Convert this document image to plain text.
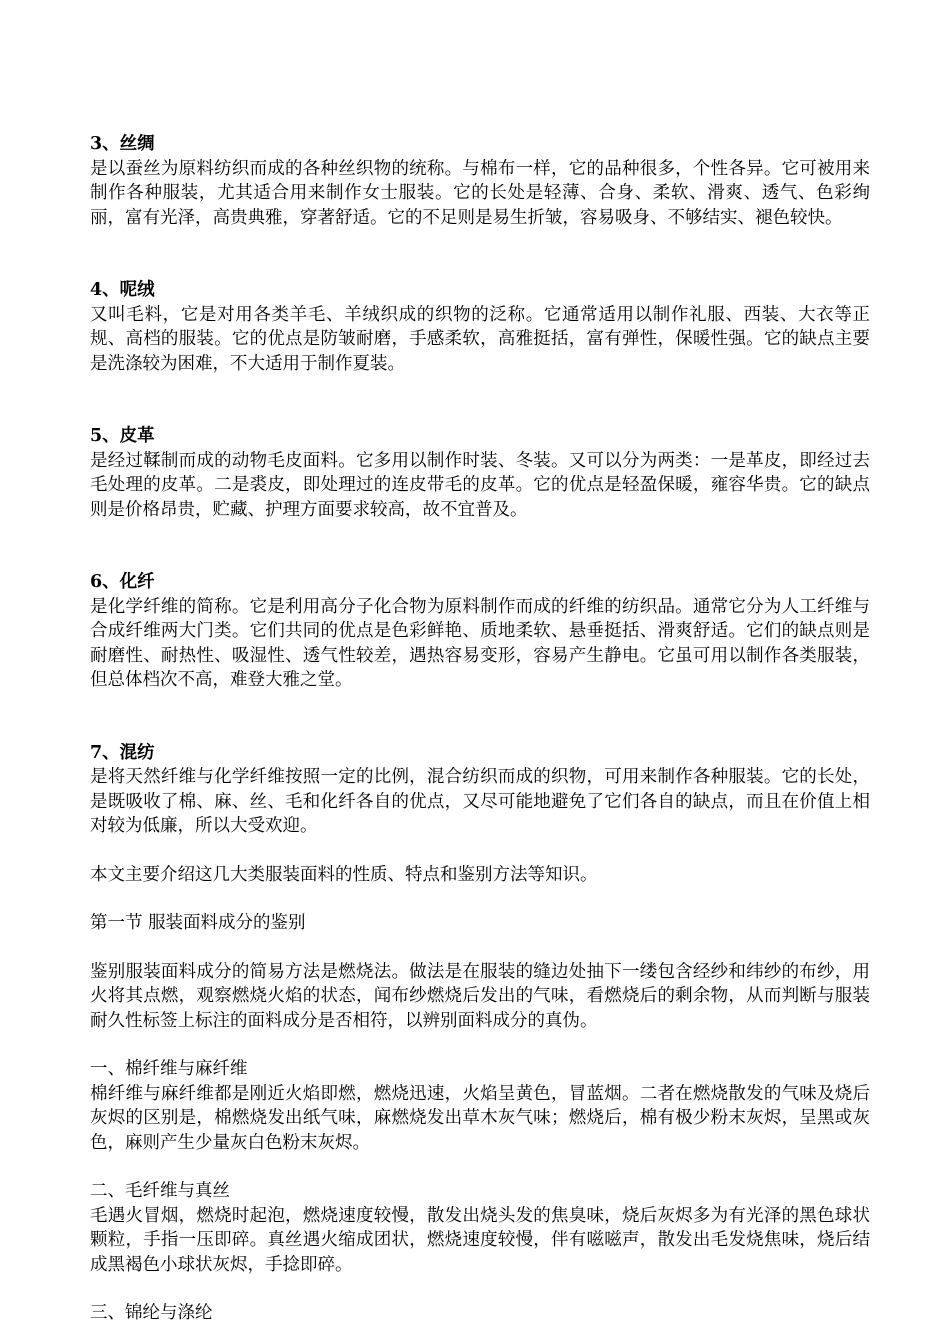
3、丝绸

是以蚕丝为原料纺织而成的各种丝织物的统称。与棉布一样，它的品种很多，个性各异。它可被用来制作各种服装，尤其适合用来制作女士服装。它的长处是轻薄、合身、柔软、滑爽、透气、色彩绚丽，富有光泽，高贵典雅，穿著舒适。它的不足则是易生折皱，容易吸身、不够结实、褪色较快。

4、呢绒

又叫毛料，它是对用各类羊毛、羊绒织成的织物的泛称。它通常适用以制作礼服、西装、大衣等正规、高档的服装。它的优点是防皱耐磨，手感柔软，高雅挺括，富有弹性，保暖性强。它的缺点主要是洗涤较为困难，不大适用于制作夏装。

5、皮革

是经过鞣制而成的动物毛皮面料。它多用以制作时装、冬装。又可以分为两类：一是革皮，即经过去毛处理的皮革。二是裘皮，即处理过的连皮带毛的皮革。它的优点是轻盈保暖，雍容华贵。它的缺点则是价格昂贵，贮藏、护理方面要求较高，故不宜普及。

6、化纤

是化学纤维的简称。它是利用高分子化合物为原料制作而成的纤维的纺织品。通常它分为人工纤维与合成纤维两大门类。它们共同的优点是色彩鲜艳、质地柔软、悬垂挺括、滑爽舒适。它们的缺点则是耐磨性、耐热性、吸湿性、透气性较差，遇热容易变形，容易产生静电。它虽可用以制作各类服装，但总体档次不高，难登大雅之堂。

7、混纺

是将天然纤维与化学纤维按照一定的比例，混合纺织而成的织物，可用来制作各种服装。它的长处，是既吸收了棉、麻、丝、毛和化纤各自的优点，又尽可能地避免了它们各自的缺点，而且在价值上相对较为低廉，所以大受欢迎。

本文主要介绍这几大类服装面料的性质、特点和鉴别方法等知识。

第一节 服装面料成分的鉴别

鉴别服装面料成分的简易方法是燃烧法。做法是在服装的缝边处抽下一缕包含经纱和纬纱的布纱，用火将其点燃，观察燃烧火焰的状态，闻布纱燃烧后发出的气味，看燃烧后的剩余物，从而判断与服装耐久性标签上标注的面料成分是否相符，以辨别面料成分的真伪。

一、棉纤维与麻纤维

棉纤维与麻纤维都是刚近火焰即燃，燃烧迅速，火焰呈黄色，冒蓝烟。二者在燃烧散发的气味及烧后灰烬的区别是，棉燃烧发出纸气味，麻燃烧发出草木灰气味；燃烧后，棉有极少粉末灰烬，呈黑或灰色，麻则产生少量灰白色粉末灰烬。

二、毛纤维与真丝

毛遇火冒烟，燃烧时起泡，燃烧速度较慢，散发出烧头发的焦臭味，烧后灰烬多为有光泽的黑色球状颗粒，手指一压即碎。真丝遇火缩成团状，燃烧速度较慢，伴有嗞嗞声，散发出毛发烧焦味，烧后结成黑褐色小球状灰烬，手捻即碎。

三、锦纶与涤纶
